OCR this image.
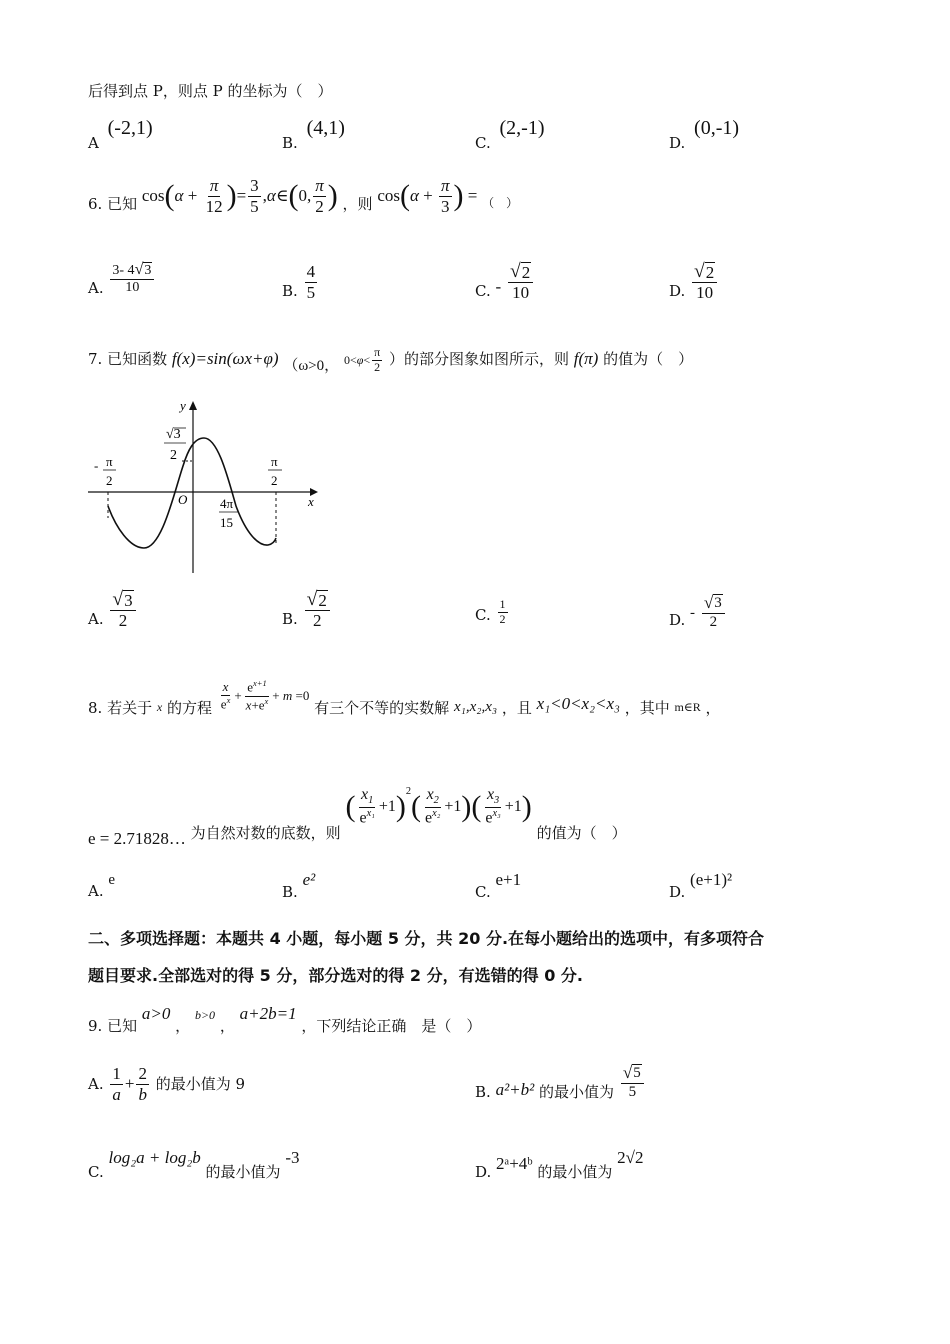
后得到点 P，则点 P 的坐标为（　）
A (-2,1)
B. (4,1)
C. (2,-1)
D. (0,-1)
6. 已知 cos ( $\alpha + \frac{\pi}{12}$ ) = $\frac{3}{5}$ , α ∈ ( 0, $\frac{\pi}{2}$ ) ，则 cos ( $\alpha + \frac{\pi}{3}$ ) = $_{( )}$
A. $\frac{3- 4 √ 3}{10}$	B. $\frac{4}{5}$	C. - $\frac{√ 2}{10}$	D. $\frac{√ 2}{10}$
7. 已知函数 f(x)=sin(ωx+φ) （ω>0， $0< \varphi < \frac{\pi}{2}$ ）的部分图象如图所示，则 f(π) 的值为（　）
y
x
O
√3
2
- π
2
π
2
4π
15
A. $\frac{√ 3}{2}$	B. $\frac{√ 2}{2}$	C. $\frac{1}{2}$	D. - $\frac{√ 3}{2}$
8. 若关于 $_x$ 的方程 $\frac{x}{e^x} + \frac{e^{x+1}}{x+e^x} + m =0$ 有三个不等的实数解 x₁,x₂,x₃ ，且 x₁<0<x₂<x₃ ，其中 $_{m\in R}$ ，
e = 2.71828… 为自然对数的底数，则
( $\frac{x_1}{e^{x_1}} +1$ )$^2$ ( $\frac{x_2}{e^{x_2}} +1$ ) ( $\frac{x_3}{e^{x_3}} +1$ )
的值为（　）
A. e
B. e²
C. e+1
D. (e+1)²
二、多项选择题：本题共 4 小题，每小题 5 分，共 20 分.在每小题给出的选项中，有多项符合
题目要求.全部选对的得 5 分，部分选对的得 2 分，有选错的得 0 分.
9. 已知 a>0 ， b>0 ， a+2b=1 ，下列结论正确　是（　）
A. $\frac{1}{a} + \frac{2}{b}$ 的最小值为 9	B. a²+b² 的最小值为 $\frac{√ 5}{5}$
C. log₂a + log₂b 的最小值为 -3
D. 2ᵃ+4ᵇ 的最小值为 2√2
